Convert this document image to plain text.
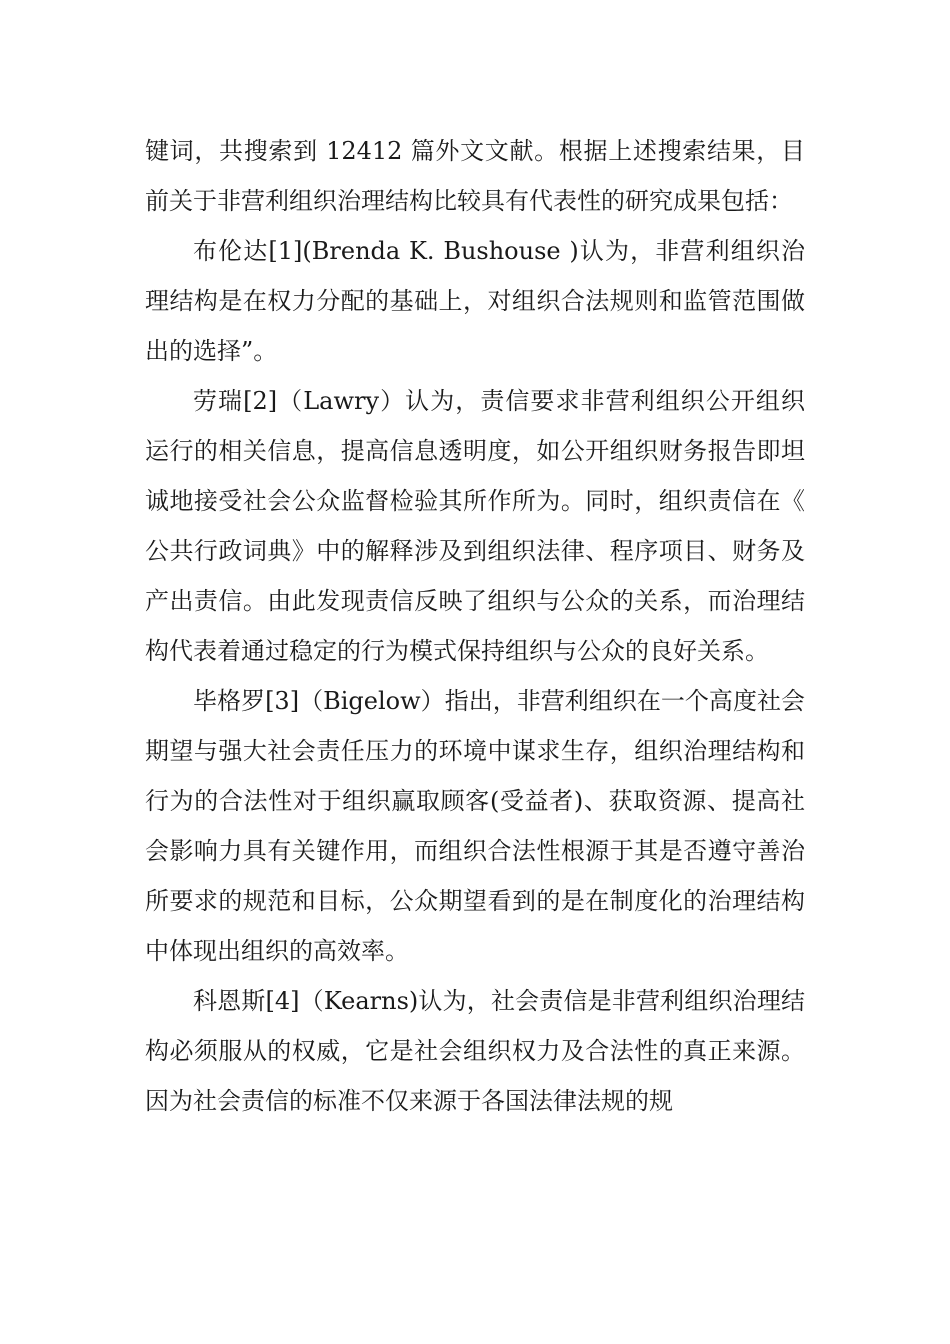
键词，共搜索到 12412 篇外文文献。根据上述搜索结果，目前关于非营利组织治理结构比较具有代表性的研究成果包括：

布伦达[1](Brenda K. Bushouse )认为，非营利组织治理结构是在权力分配的基础上，对组织合法规则和监管范围做出的选择”。

劳瑞[2]（Lawry）认为，责信要求非营利组织公开组织运行的相关信息，提高信息透明度，如公开组织财务报告即坦诚地接受社会公众监督检验其所作所为。同时，组织责信在《公共行政词典》中的解释涉及到组织法律、程序项目、财务及产出责信。由此发现责信反映了组织与公众的关系，而治理结构代表着通过稳定的行为模式保持组织与公众的良好关系。

毕格罗[3]（Bigelow）指出，非营利组织在一个高度社会期望与强大社会责任压力的环境中谋求生存，组织治理结构和行为的合法性对于组织赢取顾客(受益者)、获取资源、提高社会影响力具有关键作用，而组织合法性根源于其是否遵守善治所要求的规范和目标，公众期望看到的是在制度化的治理结构中体现出组织的高效率。

科恩斯[4]（Kearns)认为，社会责信是非营利组织治理结构必须服从的权威，它是社会组织权力及合法性的真正来源。因为社会责信的标准不仅来源于各国法律法规的规
